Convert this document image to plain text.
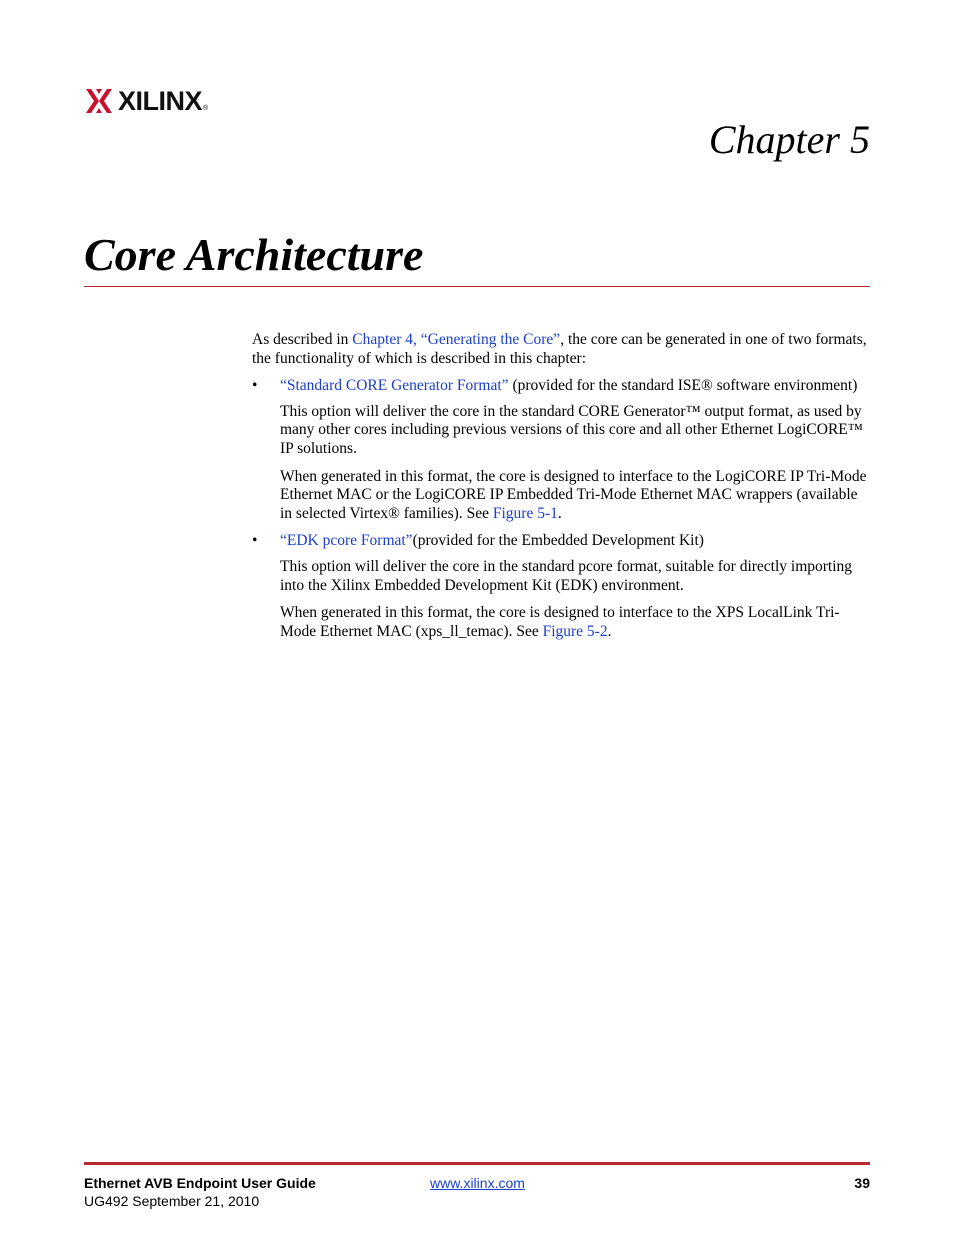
XILINX ®
Chapter 5
Core Architecture

As described in Chapter 4, “Generating the Core”, the core can be generated in one of two formats, the functionality of which is described in this chapter:

• “Standard CORE Generator Format” (provided for the standard ISE® software environment)

This option will deliver the core in the standard CORE Generator™ output format, as used by many other cores including previous versions of this core and all other Ethernet LogiCORE™ IP solutions.

When generated in this format, the core is designed to interface to the LogiCORE IP Tri-Mode Ethernet MAC or the LogiCORE IP Embedded Tri-Mode Ethernet MAC wrappers (available in selected Virtex® families). See Figure 5-1.

• “EDK pcore Format”(provided for the Embedded Development Kit)

This option will deliver the core in the standard pcore format, suitable for directly importing into the Xilinx Embedded Development Kit (EDK) environment.

When generated in this format, the core is designed to interface to the XPS LocalLink Tri-Mode Ethernet MAC (xps_ll_temac). See Figure 5-2.

Ethernet AVB Endpoint User Guide
UG492 September 21, 2010
www.xilinx.com	39
